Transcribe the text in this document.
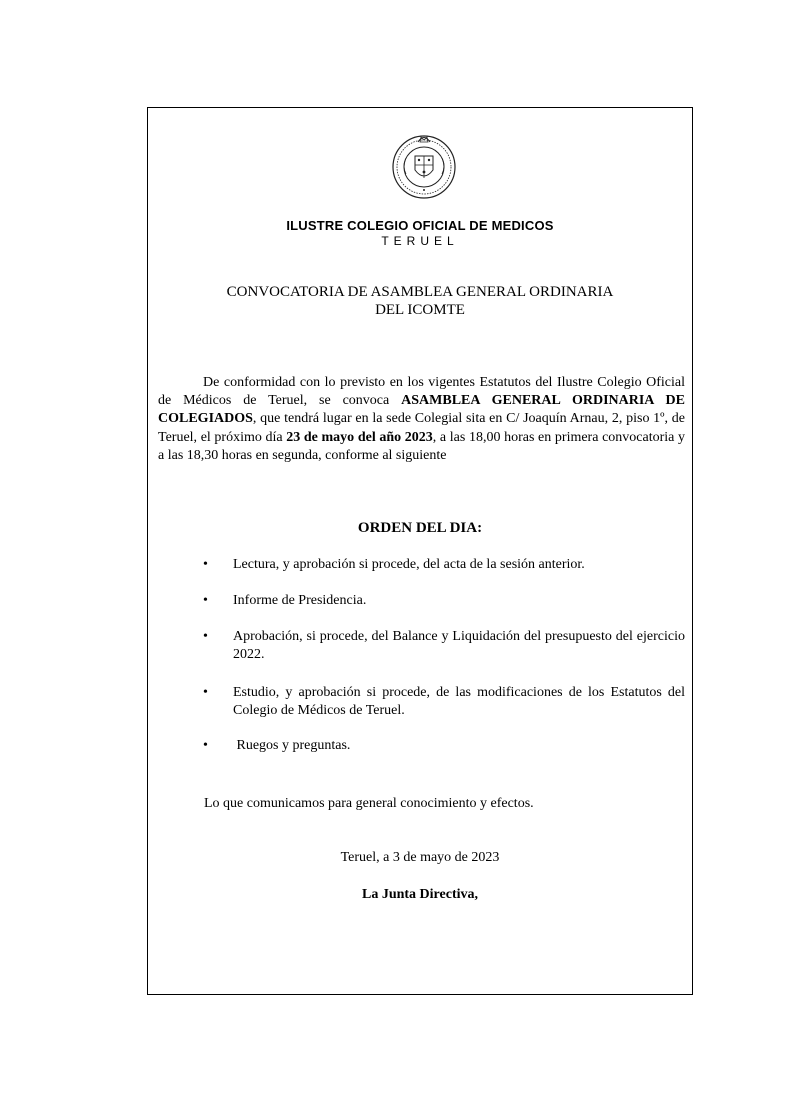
ILUSTRE COLEGIO OFICIAL DE MEDICOS
TERUEL
CONVOCATORIA DE ASAMBLEA GENERAL ORDINARIA
DEL ICOMTE
De conformidad con lo previsto en los vigentes Estatutos del Ilustre Colegio Oficial de Médicos de Teruel, se convoca ASAMBLEA GENERAL ORDINARIA DE COLEGIADOS, que tendrá lugar en la sede Colegial sita en C/ Joaquín Arnau, 2, piso 1º, de Teruel, el próximo día 23 de mayo del año 2023, a las 18,00 horas en primera convocatoria y a las 18,30 horas en segunda, conforme al siguiente
ORDEN DEL DIA:
• Lectura, y aprobación si procede, del acta de la sesión anterior.
• Informe de Presidencia.
• Aprobación, si procede, del Balance y Liquidación del presupuesto del ejercicio 2022.
• Estudio, y aprobación si procede, de las modificaciones de los Estatutos del Colegio de Médicos de Teruel.
• Ruegos y preguntas.
Lo que comunicamos para general conocimiento y efectos.
Teruel, a 3 de mayo de 2023
La Junta Directiva,
